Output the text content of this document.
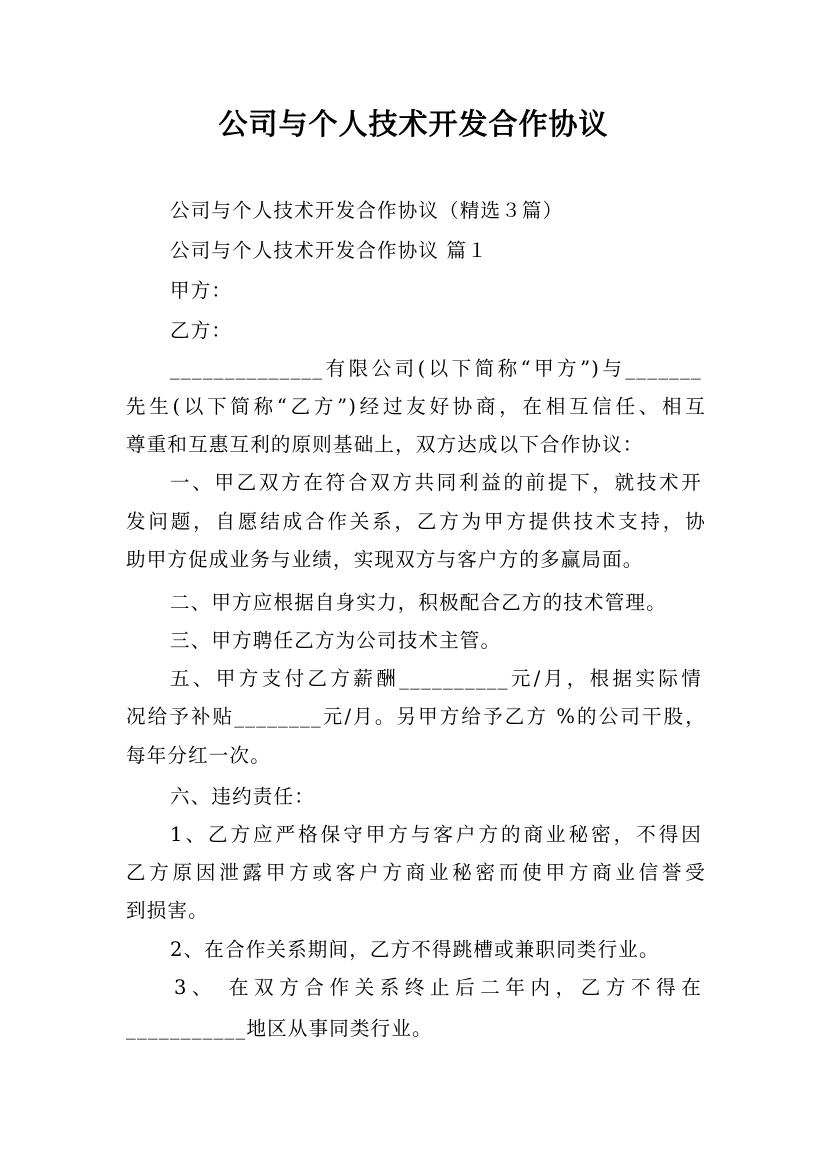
公司与个人技术开发合作协议
公司与个人技术开发合作协议（精选３篇）
公司与个人技术开发合作协议 篇１
甲方：
乙方：
______________有限公司(以下简称“甲方”)与_______
先生(以下简称“乙方”)经过友好协商，在相互信任、相互
尊重和互惠互利的原则基础上，双方达成以下合作协议：
一、甲乙双方在符合双方共同利益的前提下，就技术开
发问题，自愿结成合作关系，乙方为甲方提供技术支持，协
助甲方促成业务与业绩，实现双方与客户方的多赢局面。
二、甲方应根据自身实力，积极配合乙方的技术管理。
三、甲方聘任乙方为公司技术主管。
五、甲方支付乙方薪酬__________元/月，根据实际情
况给予补贴________元/月。另甲方给予乙方 %的公司干股，
每年分红一次。
六、违约责任：
1、乙方应严格保守甲方与客户方的商业秘密，不得因
乙方原因泄露甲方或客户方商业秘密而使甲方商业信誉受
到损害。
2、在合作关系期间，乙方不得跳槽或兼职同类行业。
3、 在双方合作关系终止后二年内，乙方不得在
___________地区从事同类行业。
